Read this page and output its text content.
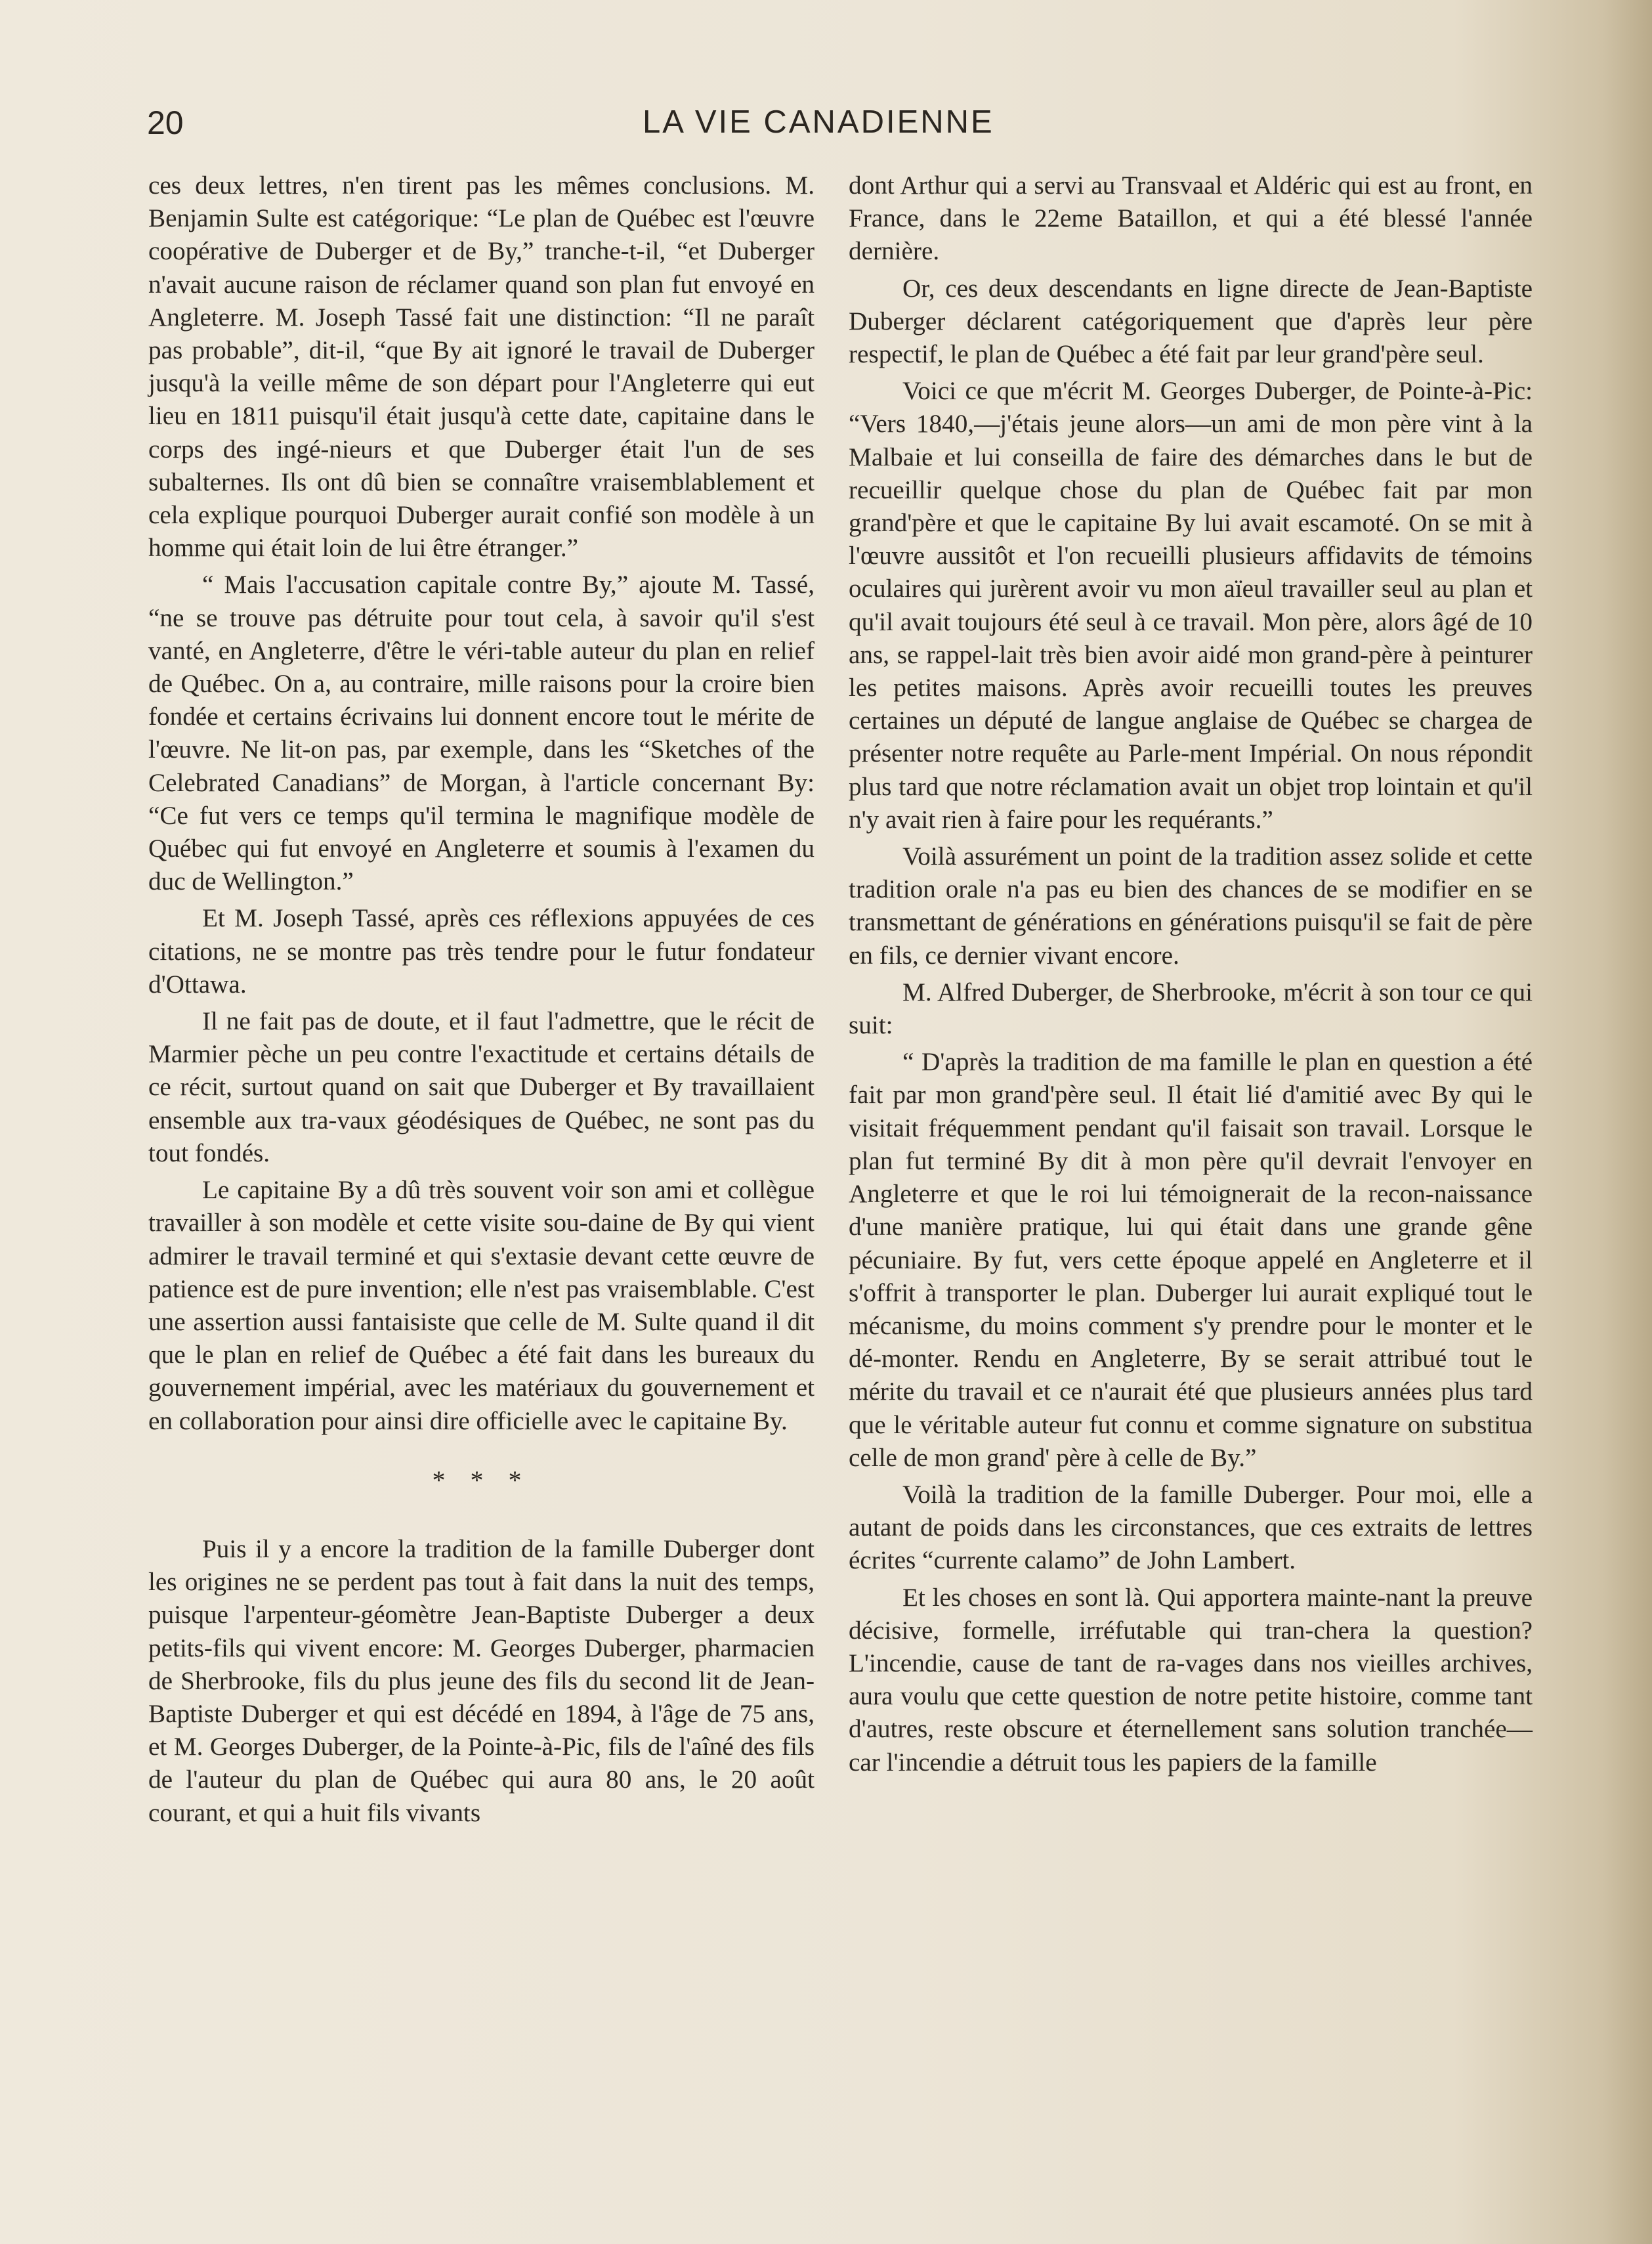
20	LA VIE CANADIENNE

ces deux lettres, n'en tirent pas les mêmes conclusions. M. Benjamin Sulte est catégorique: “Le plan de Québec est l'œuvre coopérative de Duberger et de By,” tranche-t-il, “et Duberger n'avait aucune raison de réclamer quand son plan fut envoyé en Angleterre. M. Joseph Tassé fait une distinction: “Il ne paraît pas probable”, dit-il, “que By ait ignoré le travail de Duberger jusqu'à la veille même de son départ pour l'Angleterre qui eut lieu en 1811 puisqu'il était jusqu'à cette date, capitaine dans le corps des ingé-nieurs et que Duberger était l'un de ses subalternes. Ils ont dû bien se connaître vraisemblablement et cela explique pourquoi Duberger aurait confié son modèle à un homme qui était loin de lui être étranger.”

“ Mais l'accusation capitale contre By,” ajoute M. Tassé, “ne se trouve pas détruite pour tout cela, à savoir qu'il s'est vanté, en Angleterre, d'être le véri-table auteur du plan en relief de Québec. On a, au contraire, mille raisons pour la croire bien fondée et certains écrivains lui donnent encore tout le mérite de l'œuvre. Ne lit-on pas, par exemple, dans les “Sketches of the Celebrated Canadians” de Morgan, à l'article concernant By: “Ce fut vers ce temps qu'il termina le magnifique modèle de Québec qui fut envoyé en Angleterre et soumis à l'examen du duc de Wellington.”

Et M. Joseph Tassé, après ces réflexions appuyées de ces citations, ne se montre pas très tendre pour le futur fondateur d'Ottawa.

Il ne fait pas de doute, et il faut l'admettre, que le récit de Marmier pèche un peu contre l'exactitude et certains détails de ce récit, surtout quand on sait que Duberger et By travaillaient ensemble aux tra-vaux géodésiques de Québec, ne sont pas du tout fondés.

Le capitaine By a dû très souvent voir son ami et collègue travailler à son modèle et cette visite sou-daine de By qui vient admirer le travail terminé et qui s'extasie devant cette œuvre de patience est de pure invention; elle n'est pas vraisemblable. C'est une assertion aussi fantaisiste que celle de M. Sulte quand il dit que le plan en relief de Québec a été fait dans les bureaux du gouvernement impérial, avec les matériaux du gouvernement et en collaboration pour ainsi dire officielle avec le capitaine By.

* * *

Puis il y a encore la tradition de la famille Duberger dont les origines ne se perdent pas tout à fait dans la nuit des temps, puisque l'arpenteur-géomètre Jean-Baptiste Duberger a deux petits-fils qui vivent encore: M. Georges Duberger, pharmacien de Sherbrooke, fils du plus jeune des fils du second lit de Jean-Baptiste Duberger et qui est décédé en 1894, à l'âge de 75 ans, et M. Georges Duberger, de la Pointe-à-Pic, fils de l'aîné des fils de l'auteur du plan de Québec qui aura 80 ans, le 20 août courant, et qui a huit fils vivants

dont Arthur qui a servi au Transvaal et Aldéric qui est au front, en France, dans le 22eme Bataillon, et qui a été blessé l'année dernière.

Or, ces deux descendants en ligne directe de Jean-Baptiste Duberger déclarent catégoriquement que d'après leur père respectif, le plan de Québec a été fait par leur grand'père seul.

Voici ce que m'écrit M. Georges Duberger, de Pointe-à-Pic: “Vers 1840,—j'étais jeune alors—un ami de mon père vint à la Malbaie et lui conseilla de faire des démarches dans le but de recueillir quelque chose du plan de Québec fait par mon grand'père et que le capitaine By lui avait escamoté. On se mit à l'œuvre aussitôt et l'on recueilli plusieurs affidavits de témoins oculaires qui jurèrent avoir vu mon aïeul travailler seul au plan et qu'il avait toujours été seul à ce travail. Mon père, alors âgé de 10 ans, se rappel-lait très bien avoir aidé mon grand-père à peinturer les petites maisons. Après avoir recueilli toutes les preuves certaines un député de langue anglaise de Québec se chargea de présenter notre requête au Parle-ment Impérial. On nous répondit plus tard que notre réclamation avait un objet trop lointain et qu'il n'y avait rien à faire pour les requérants.”

Voilà assurément un point de la tradition assez solide et cette tradition orale n'a pas eu bien des chances de se modifier en se transmettant de générations en générations puisqu'il se fait de père en fils, ce dernier vivant encore.

M. Alfred Duberger, de Sherbrooke, m'écrit à son tour ce qui suit:

“ D'après la tradition de ma famille le plan en question a été fait par mon grand'père seul. Il était lié d'amitié avec By qui le visitait fréquemment pendant qu'il faisait son travail. Lorsque le plan fut terminé By dit à mon père qu'il devrait l'envoyer en Angleterre et que le roi lui témoignerait de la recon-naissance d'une manière pratique, lui qui était dans une grande gêne pécuniaire. By fut, vers cette époque appelé en Angleterre et il s'offrit à transporter le plan. Duberger lui aurait expliqué tout le mécanisme, du moins comment s'y prendre pour le monter et le dé-monter. Rendu en Angleterre, By se serait attribué tout le mérite du travail et ce n'aurait été que plusieurs années plus tard que le véritable auteur fut connu et comme signature on substitua celle de mon grand' père à celle de By.”

Voilà la tradition de la famille Duberger. Pour moi, elle a autant de poids dans les circonstances, que ces extraits de lettres écrites “currente calamo” de John Lambert.

Et les choses en sont là. Qui apportera mainte-nant la preuve décisive, formelle, irréfutable qui tran-chera la question? L'incendie, cause de tant de ra-vages dans nos vieilles archives, aura voulu que cette question de notre petite histoire, comme tant d'autres, reste obscure et éternellement sans solution tranchée— car l'incendie a détruit tous les papiers de la famille
